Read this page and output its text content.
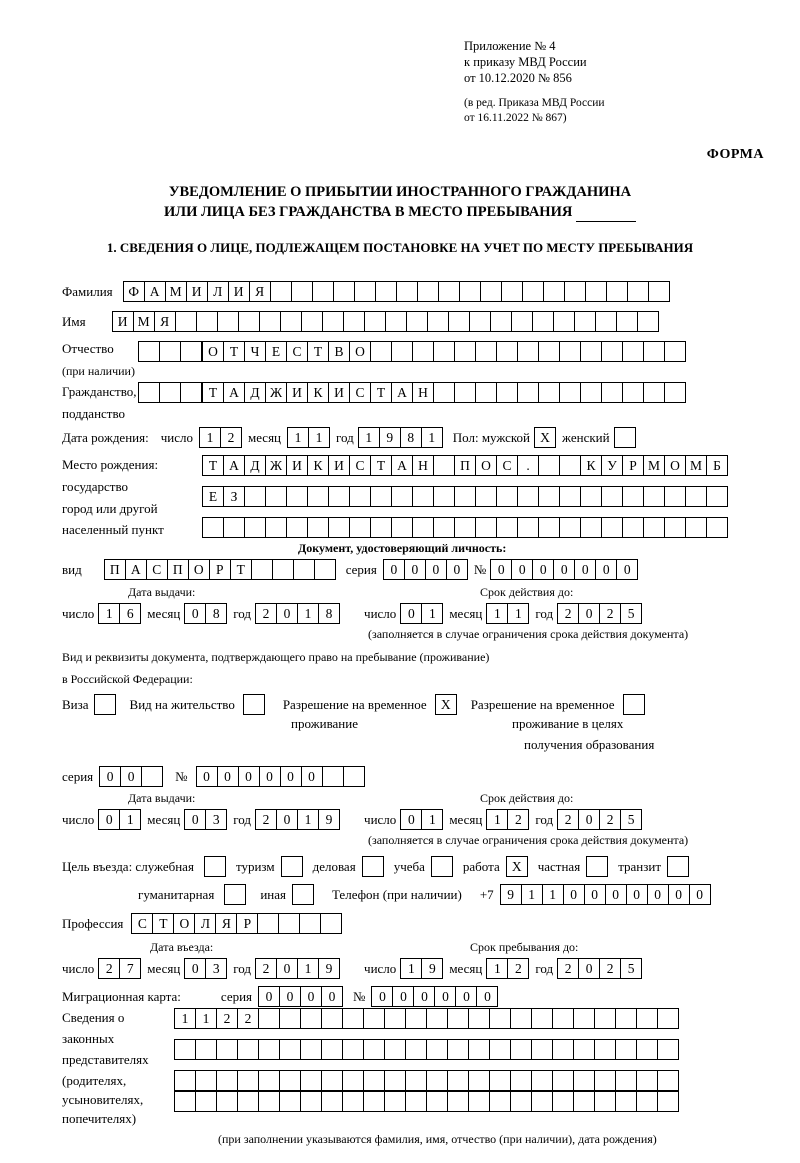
Приложение № 4
к приказу МВД России
от 10.12.2020 № 856
(в ред. Приказа МВД России
от 16.11.2022 № 867)
ФОРМА
УВЕДОМЛЕНИЕ О ПРИБЫТИИ ИНОСТРАННОГО ГРАЖДАНИНА
ИЛИ ЛИЦА БЕЗ ГРАЖДАНСТВА В МЕСТО ПРЕБЫВАНИЯ
1. СВЕДЕНИЯ О ЛИЦЕ, ПОДЛЕЖАЩЕМ ПОСТАНОВКЕ НА УЧЕТ ПО МЕСТУ ПРЕБЫВАНИЯ
Фамилия	Ф А М И Л И Я
Имя	И М Я
Отчество	О Т Ч Е С Т В О
(при наличии)
Гражданство,	Т А Д Ж И К И С Т А Н
подданство
Дата рождения: число	1	2	месяц	1	1	год 1	9	8	1	Пол: мужской X женский
Место рождения:	Т А Д Ж И К И С Т А Н	П О С	.	К У Р М О М Б
государство
Е З
город или другой
населенный пункт
Документ, удостоверяющий личность:
вид	П А С П О Р Т	серия	0	0	0	0	№ 0	0	0	0	0	0	0
Дата выдачи:	Срок действия до:
число 1	6	месяц 0	8	год 2	0	1	8	число 0	1	месяц 1	1	год 2	0	2	5
(заполняется в случае ограничения срока действия документа)
Вид и реквизиты документа, подтверждающего право на пребывание (проживание)
в Российской Федерации:
Виза	Вид на жительство	Разрешение на временное	X	Разрешение на временное
проживание	проживание в целях
получения образования
серия	0	0	№	0	0	0	0	0	0
Дата выдачи:	Срок действия до:
число 0	1	месяц 0	3	год 2	0	1	9	число 0	1	месяц 1	2	год 2	0	2	5
(заполняется в случае ограничения срока действия документа)
Цель въезда: служебная	туризм	деловая	учеба	работа X	частная	транзит
гуманитарная	иная	Телефон (при наличии) +7	9	1	1	0	0	0	0	0	0	0
Профессия	С Т О Л Я Р
Дата въезда:	Срок пребывания до:
число 2	7	месяц 0	3	год 2	0	1	9	число 1	9	месяц 1	2	год 2	0	2	5
Миграционная карта:	серия	0	0	0	0	№	0	0	0	0	0	0
Сведения о
законных
представителях
(родителях,
усыновителях,
попечителях)
1	1	2	2
(при заполнении указываются фамилия, имя, отчество (при наличии), дата рождения)
